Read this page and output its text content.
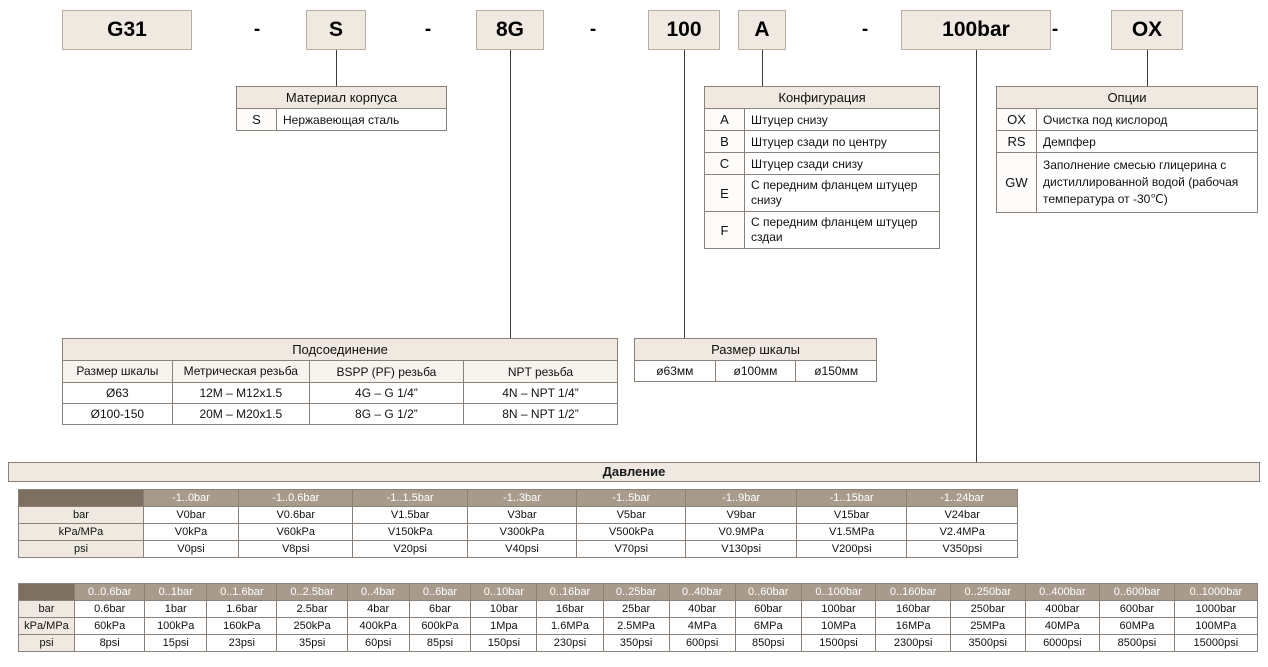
G31	-	S	-	8G	-	100	A	-	100bar -	OX
Материал корпуса
S	Нержавеющая сталь
Конфигурация	
A	Штуцер снизу
B	Штуцер сзади по центру
C	Штуцер сзади снизу
E	С передним фланцем штуцер снизу
F	С передним фланцем штуцер сздаи
Опции	
OX	Очистка под кислород
RS	Демпфер
GW	Заполнение смесью глицерина с дистиллированной водой (рабочая температура от -30℃)
Подсоединение			
Размер шкалы	Метрическая резьба	BSPP (PF) резьба	NPT резьба
Ø63	12M – M12x1.5	4G – G 1/4”	4N – NPT 1/4”
Ø100-150	20M – M20x1.5	8G – G 1/2”	8N – NPT 1/2”
Размер шкалы
ø63мм	ø100мм	ø150мм
Давление
	-1..0bar	-1..0.6bar	-1..1.5bar	-1..3bar	-1..5bar	-1..9bar	-1..15bar	-1..24bar
bar	V0bar	V0.6bar	V1.5bar	V3bar	V5bar	V9bar	V15bar	V24bar
kPa/MPa	V0kPa	V60kPa	V150kPa	V300kPa	V500kPa	V0.9MPa	V1.5MPa	V2.4MPa
psi	V0psi	V8psi	V20psi	V40psi	V70psi	V130psi	V200psi	V350psi
	0..0.6bar	0..1bar	0..1.6bar	0..2.5bar	0..4bar	0..6bar	0..10bar	0..16bar	0..25bar	0..40bar	0..60bar	0..100bar	0..160bar	0..250bar	0..400bar	0..600bar	0..1000bar
bar	0.6bar	1bar	1.6bar	2.5bar	4bar	6bar	10bar	16bar	25bar	40bar	60bar	100bar	160bar	250bar	400bar	600bar	1000bar
kPa/MPa	60kPa	100kPa	160kPa	250kPa	400kPa	600kPa	1Mpa	1.6MPa	2.5MPa	4MPa	6MPa	10MPa	16MPa	25MPa	40MPa	60MPa	100MPa
psi	8psi	15psi	23psi	35psi	60psi	85psi	150psi	230psi	350psi	600psi	850psi	1500psi	2300psi	3500psi	6000psi	8500psi	15000psi
